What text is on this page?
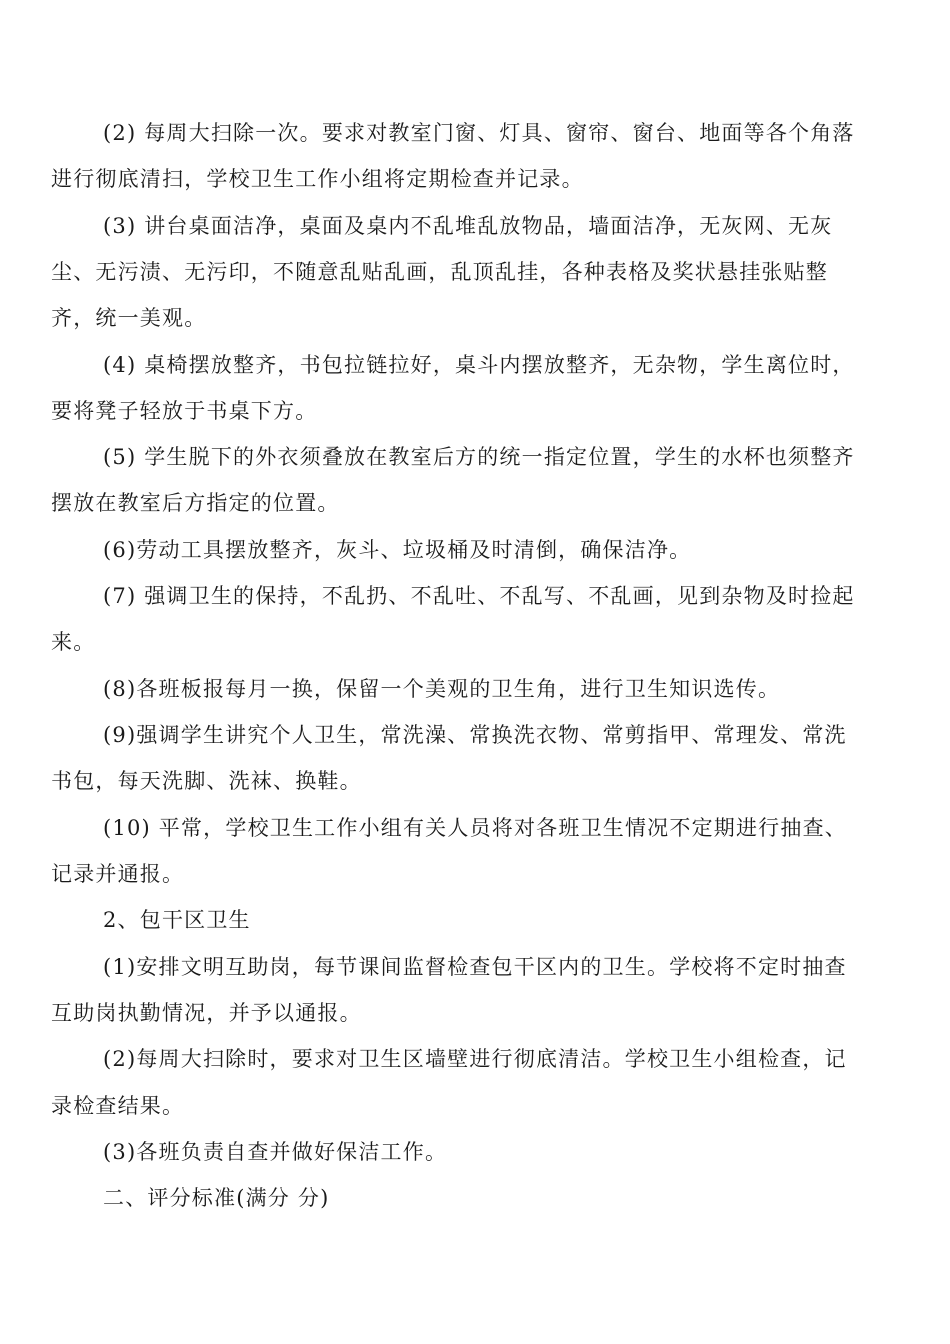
(2) 每周大扫除一次。要求对教室门窗、灯具、窗帘、窗台、地面等各个角落
进行彻底清扫，学校卫生工作小组将定期检查并记录。
(3) 讲台桌面洁净，桌面及桌内不乱堆乱放物品，墙面洁净，无灰网、无灰
尘、无污渍、无污印，不随意乱贴乱画，乱顶乱挂，各种表格及奖状悬挂张贴整
齐，统一美观。
(4) 桌椅摆放整齐，书包拉链拉好，桌斗内摆放整齐，无杂物，学生离位时，
要将凳子轻放于书桌下方。
(5) 学生脱下的外衣须叠放在教室后方的统一指定位置，学生的水杯也须整齐
摆放在教室后方指定的位置。
(6)劳动工具摆放整齐，灰斗、垃圾桶及时清倒，确保洁净。
(7) 强调卫生的保持，不乱扔、不乱吐、不乱写、不乱画，见到杂物及时捡起
来。
(8)各班板报每月一换，保留一个美观的卫生角，进行卫生知识选传。
(9)强调学生讲究个人卫生，常洗澡、常换洗衣物、常剪指甲、常理发、常洗
书包，每天洗脚、洗袜、换鞋。
(10) 平常，学校卫生工作小组有关人员将对各班卫生情况不定期进行抽查、
记录并通报。
2、包干区卫生
(1)安排文明互助岗，每节课间监督检查包干区内的卫生。学校将不定时抽查
互助岗执勤情况，并予以通报。
(2)每周大扫除时，要求对卫生区墙壁进行彻底清洁。学校卫生小组检查，记
录检查结果。
(3)各班负责自查并做好保洁工作。
二、评分标准(满分 分)
